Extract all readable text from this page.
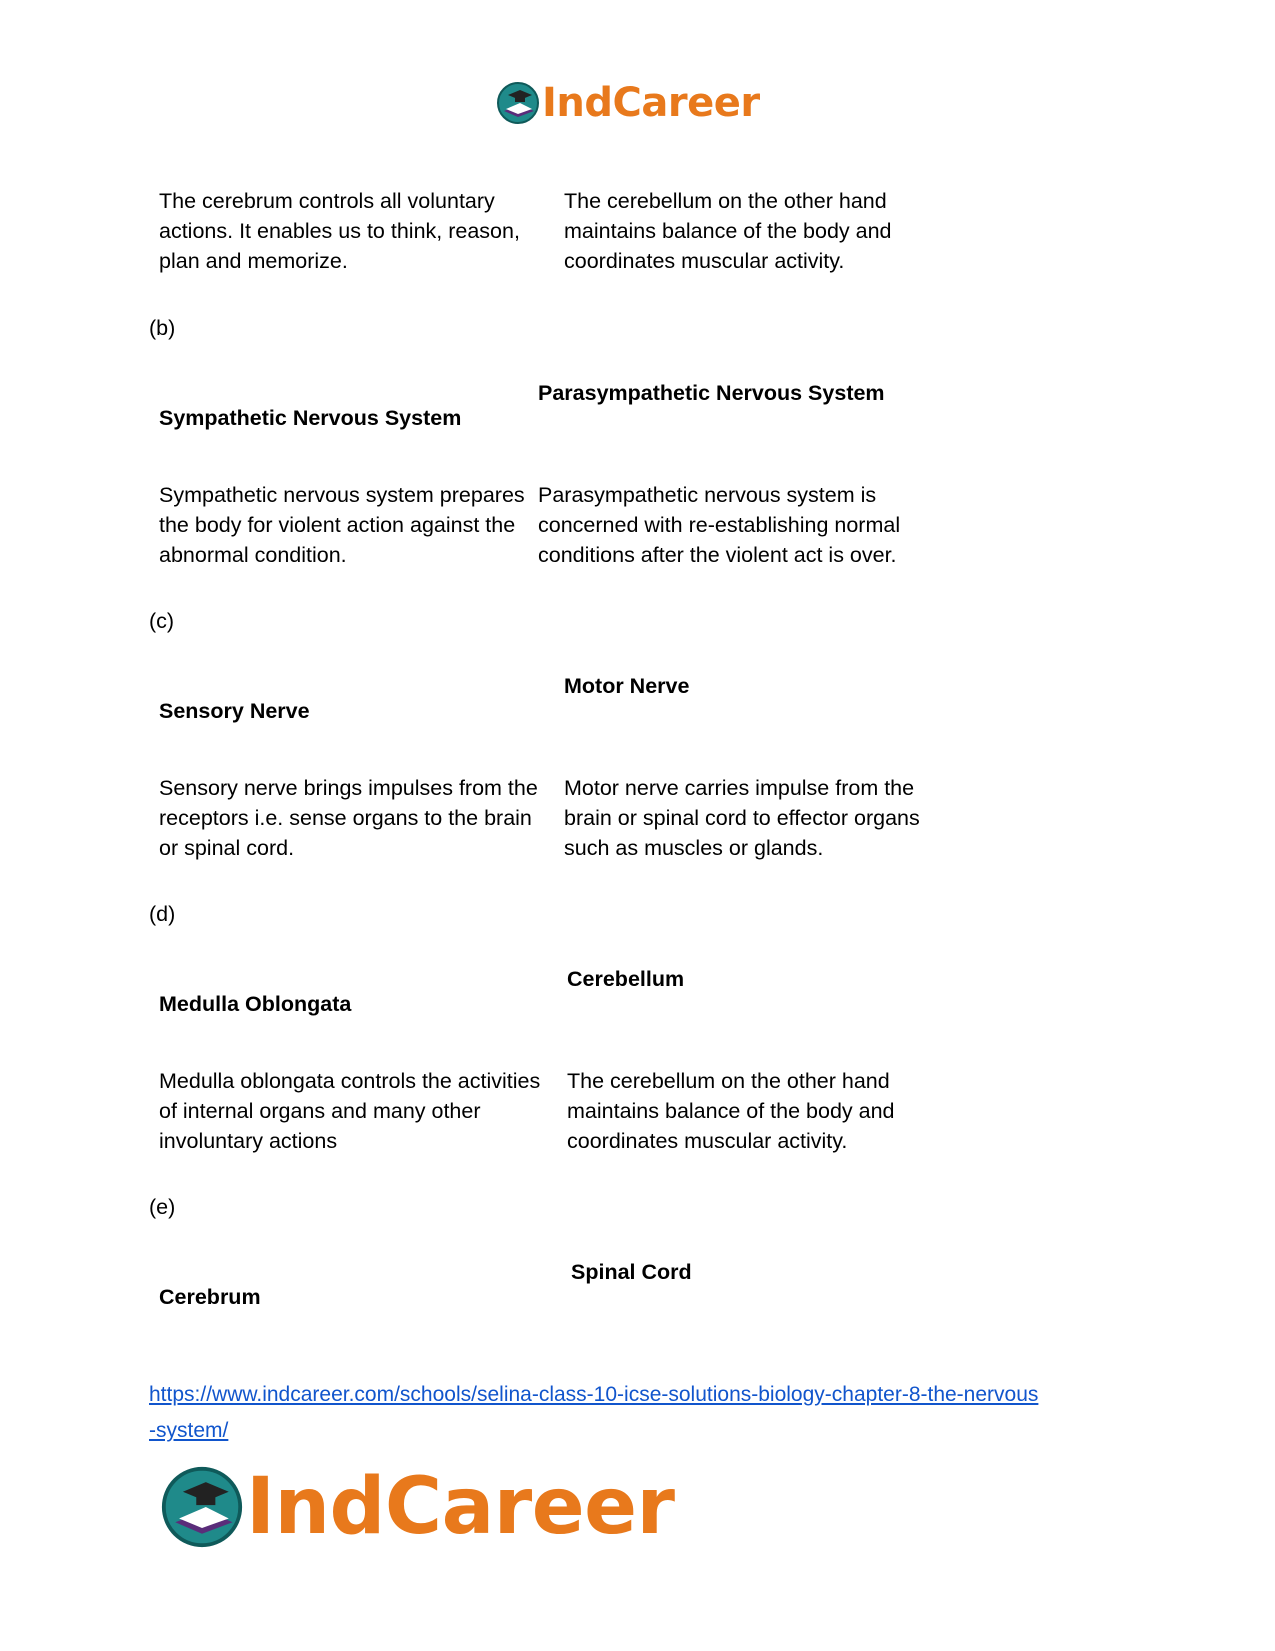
IndCareer
The cerebrum controls all voluntary actions. It enables us to think, reason, plan and memorize.
The cerebellum on the other hand maintains balance of the body and coordinates muscular activity.
(b)
Sympathetic Nervous System
Parasympathetic Nervous System
Sympathetic nervous system prepares the body for violent action against the abnormal condition.
Parasympathetic nervous system is concerned with re-establishing normal conditions after the violent act is over.
(c)
Sensory Nerve
Motor Nerve
Sensory nerve brings impulses from the receptors i.e. sense organs to the brain or spinal cord.
Motor nerve carries impulse from the brain or spinal cord to effector organs such as muscles or glands.
(d)
Medulla Oblongata
Cerebellum
Medulla oblongata controls the activities of internal organs and many other involuntary actions
The cerebellum on the other hand maintains balance of the body and coordinates muscular activity.
(e)
Cerebrum
Spinal Cord
https://www.indcareer.com/schools/selina-class-10-icse-solutions-biology-chapter-8-the-nervous
-system/
IndCareer
